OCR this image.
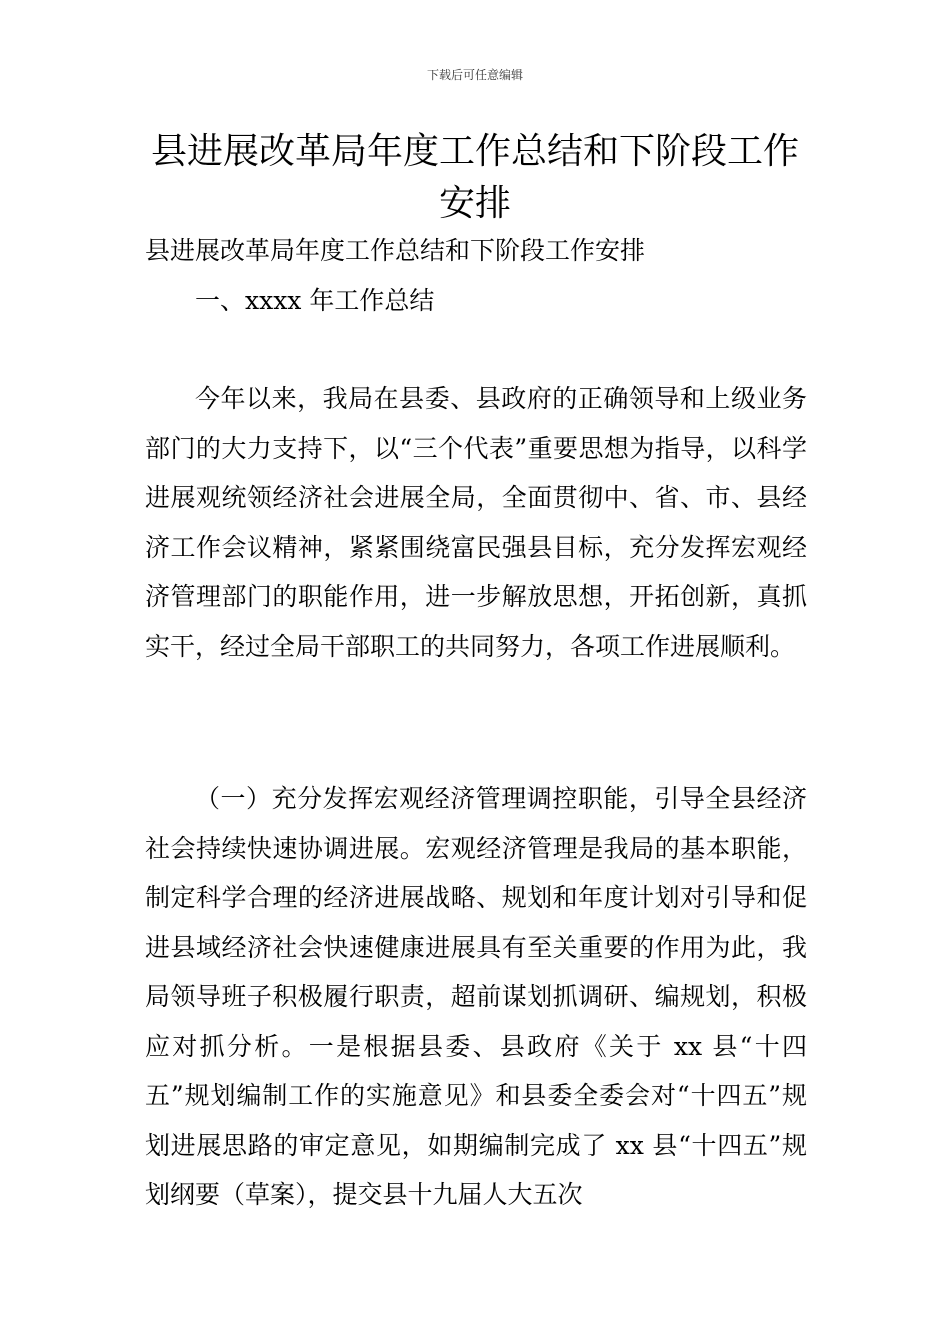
下载后可任意编辑
县进展改革局年度工作总结和下阶段工作安排

县进展改革局年度工作总结和下阶段工作安排

一、xxxx 年工作总结

今年以来，我局在县委、县政府的正确领导和上级业务部门的大力支持下，以“三个代表”重要思想为指导，以科学进展观统领经济社会进展全局，全面贯彻中、省、市、县经济工作会议精神，紧紧围绕富民强县目标，充分发挥宏观经济管理部门的职能作用，进一步解放思想，开拓创新，真抓实干，经过全局干部职工的共同努力，各项工作进展顺利。

（一）充分发挥宏观经济管理调控职能，引导全县经济社会持续快速协调进展。宏观经济管理是我局的基本职能，制定科学合理的经济进展战略、规划和年度计划对引导和促进县域经济社会快速健康进展具有至关重要的作用为此，我局领导班子积极履行职责，超前谋划抓调研、编规划，积极应对抓分析。一是根据县委、县政府《关于 xx 县“十四五”规划编制工作的实施意见》和县委全委会对“十四五”规划进展思路的审定意见，如期编制完成了 xx 县“十四五”规划纲要（草案），提交县十九届人大五次
